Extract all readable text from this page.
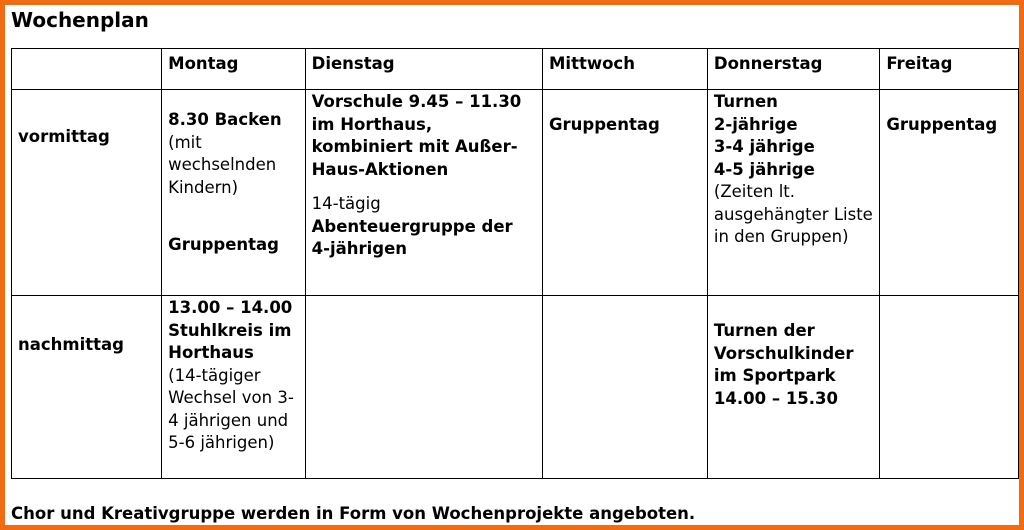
Wochenplan
	Montag	Dienstag	Mittwoch	Donnerstag	Freitag
vormittag	8.30 Backen
(mit wechselnden Kindern)
Gruppentag	Vorschule 9.45 – 11.30 im Horthaus, kombiniert mit Außer-Haus-Aktionen
14-tägig
Abenteuergruppe der 4-jährigen	Gruppentag	Turnen
2-jährige
3-4 jährige
4-5 jährige
(Zeiten lt. ausgehängter Liste in den Gruppen)	Gruppentag
nachmittag	13.00 – 14.00 Stuhlkreis im Horthaus
(14-tägiger Wechsel von 3-4 jährigen und 5-6 jährigen)			Turnen der Vorschulkinder im Sportpark 14.00 – 15.30	
Chor und Kreativgruppe werden in Form von Wochenprojekte angeboten.
